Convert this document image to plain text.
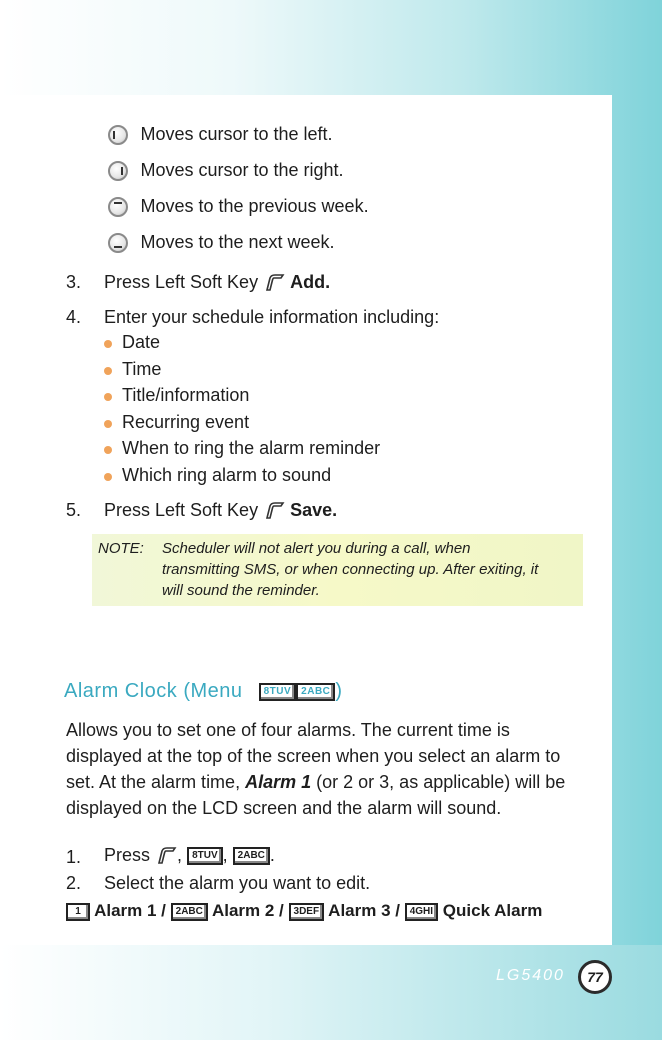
Moves cursor to the left.
Moves cursor to the right.
Moves to the previous week.
Moves to the next week.
3. Press Left Soft Key Add.
4. Enter your schedule information including:
Date
Time
Title/information
Recurring event
When to ring the alarm reminder
Which ring alarm to sound
5. Press Left Soft Key Save.
NOTE: Scheduler will not alert you during a call, when
transmitting SMS, or when connecting up. After exiting, it
will sound the reminder.
Alarm Clock (Menu 8TUV 2ABC )
Allows you to set one of four alarms. The current time is
displayed at the top of the screen when you select an alarm to
set. At the alarm time, Alarm 1 (or 2 or 3, as applicable) will be
displayed on the LCD screen and the alarm will sound.
1. Press , 8TUV , 2ABC .
2. Select the alarm you want to edit.
1 Alarm 1 / 2ABC Alarm 2 / 3DEF Alarm 3 / 4GHI Quick Alarm
LG5400	77
